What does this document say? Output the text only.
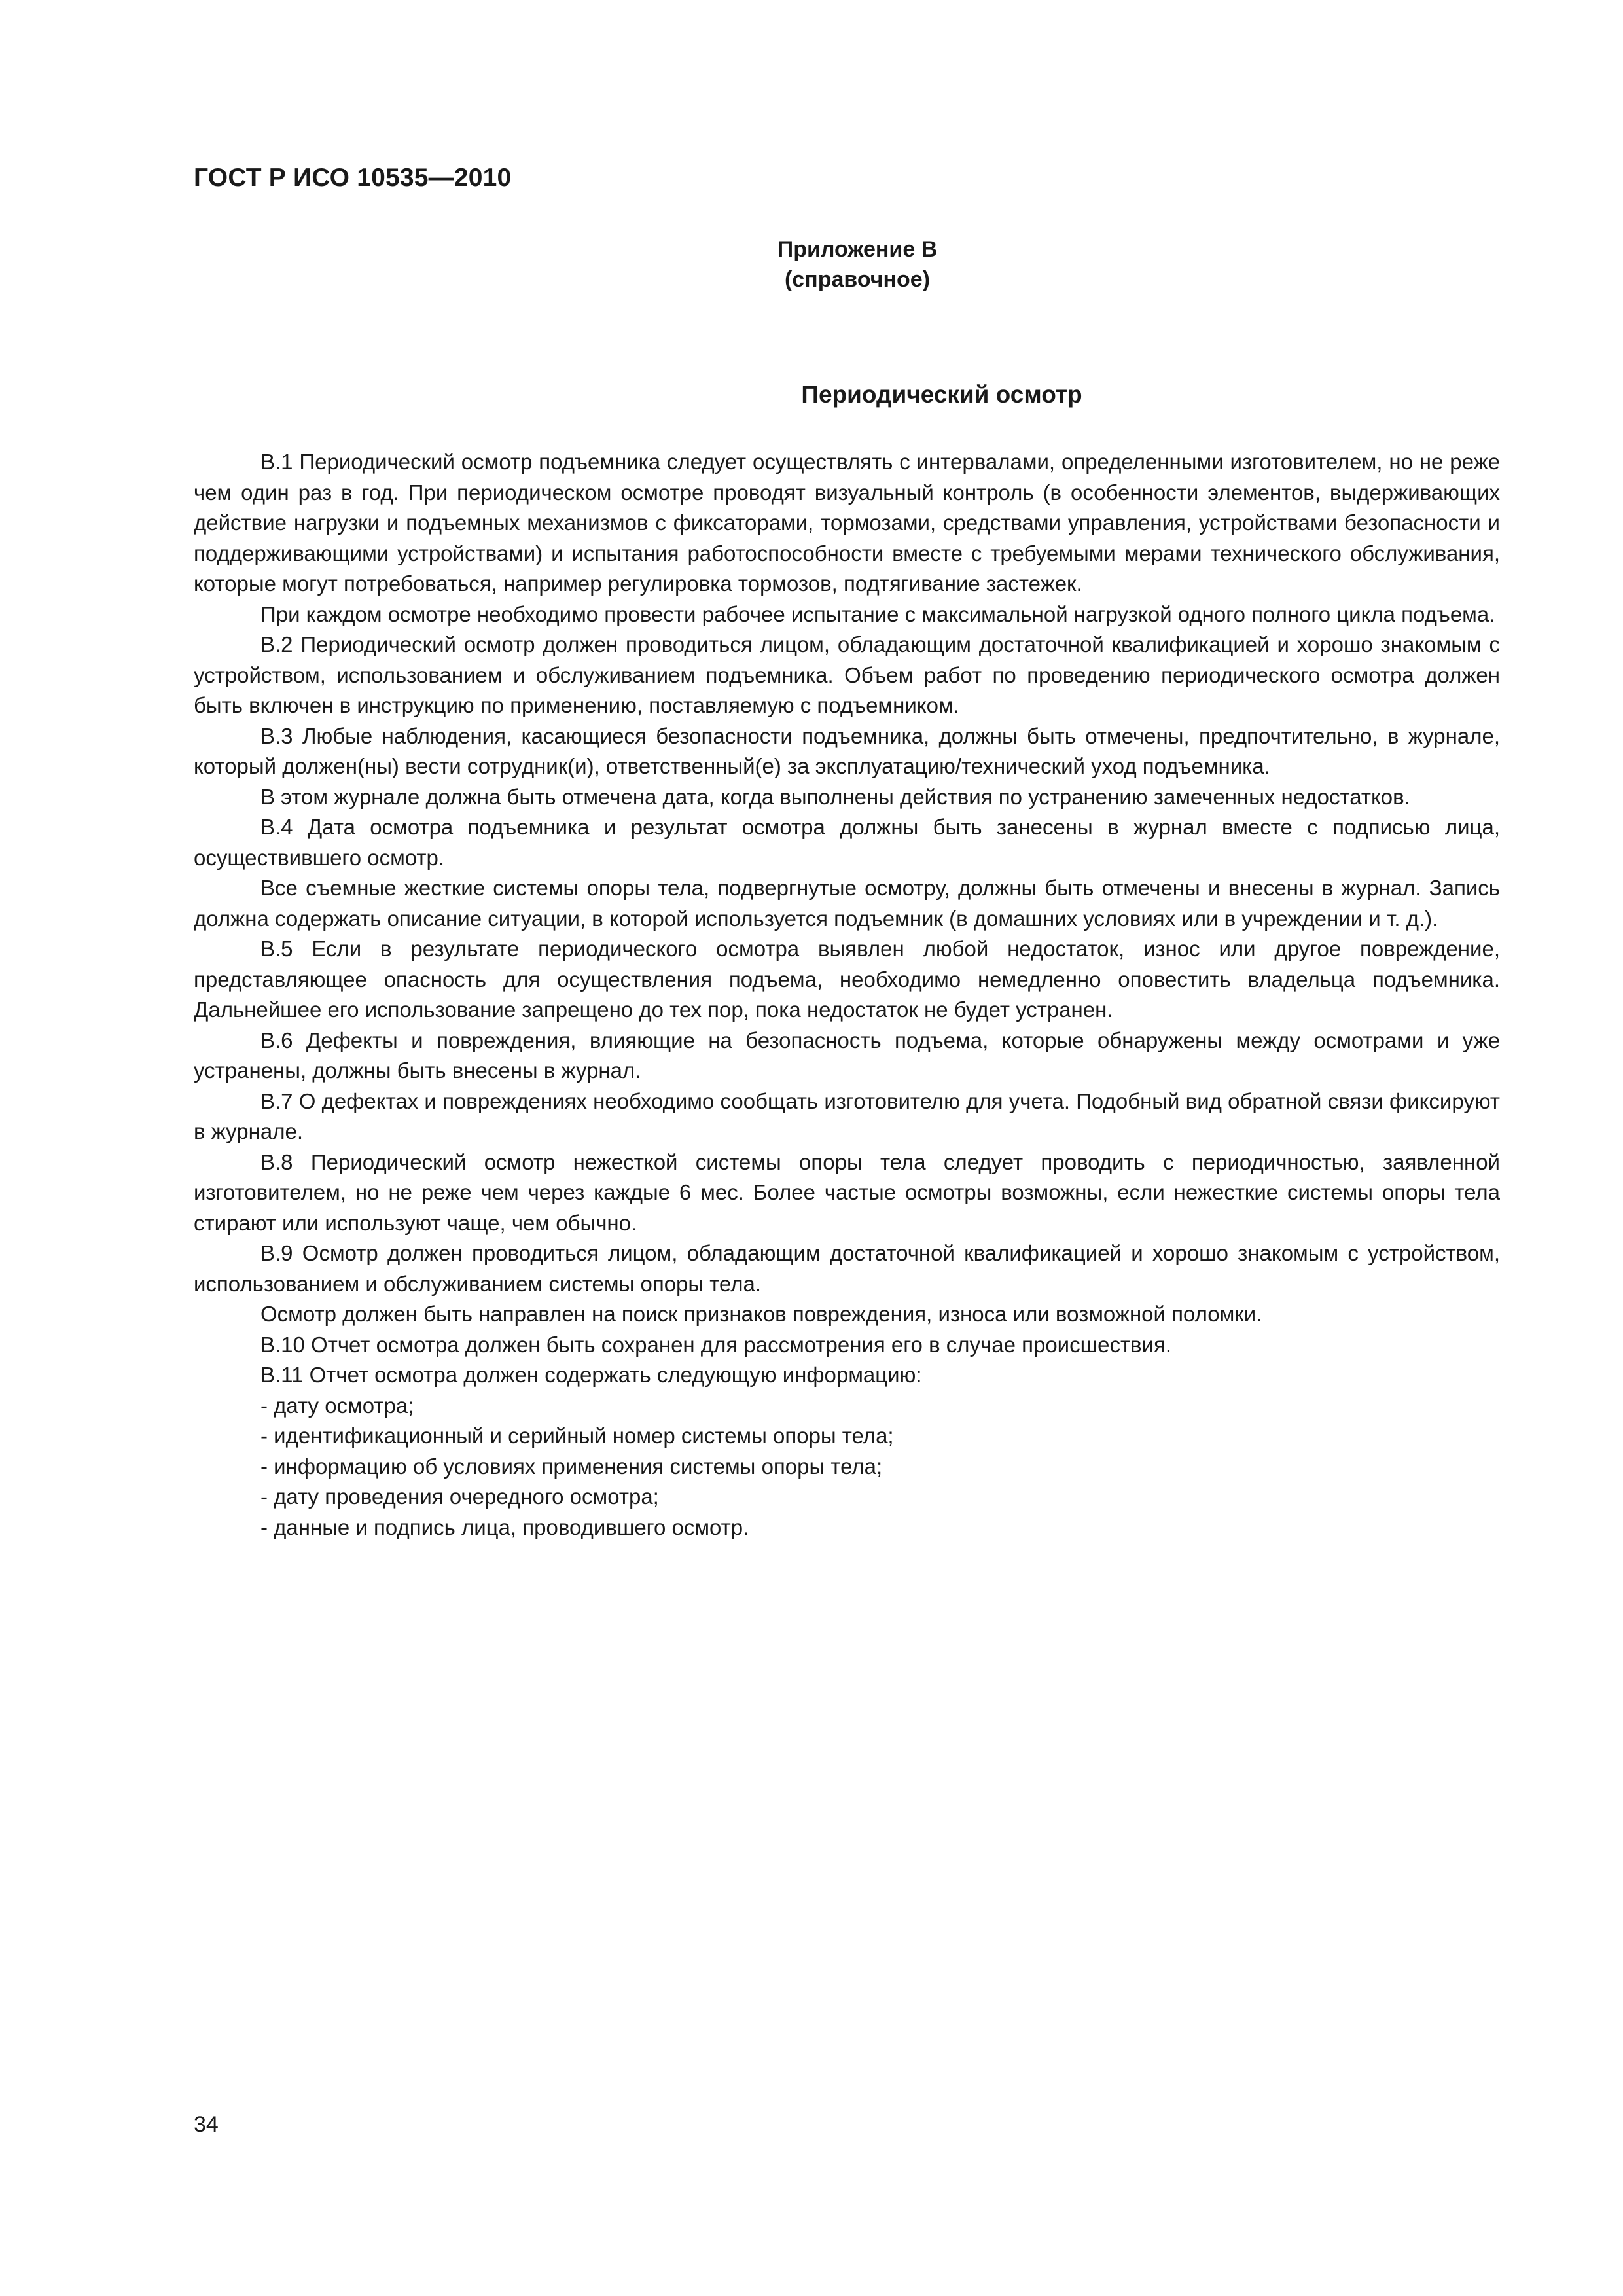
ГОСТ Р ИСО 10535—2010
Приложение В
(справочное)
Периодический осмотр

В.1 Периодический осмотр подъемника следует осуществлять с интервалами, определенными изготовителем, но не реже чем один раз в год. При периодическом осмотре проводят визуальный контроль (в особенности элементов, выдерживающих действие нагрузки и подъемных механизмов с фиксаторами, тормозами, средствами управления, устройствами безопасности и поддерживающими устройствами) и испытания работоспособности вместе с требуемыми мерами технического обслуживания, которые могут потребоваться, например регулировка тормозов, подтягивание застежек.

При каждом осмотре необходимо провести рабочее испытание с максимальной нагрузкой одного полного цикла подъема.

В.2 Периодический осмотр должен проводиться лицом, обладающим достаточной квалификацией и хорошо знакомым с устройством, использованием и обслуживанием подъемника. Объем работ по проведению периодического осмотра должен быть включен в инструкцию по применению, поставляемую с подъемником.

В.3 Любые наблюдения, касающиеся безопасности подъемника, должны быть отмечены, предпочтительно, в журнале, который должен(ны) вести сотрудник(и), ответственный(е) за эксплуатацию/технический уход подъемника.

В этом журнале должна быть отмечена дата, когда выполнены действия по устранению замеченных недостатков.

В.4 Дата осмотра подъемника и результат осмотра должны быть занесены в журнал вместе с подписью лица, осуществившего осмотр.

Все съемные жесткие системы опоры тела, подвергнутые осмотру, должны быть отмечены и внесены в журнал. Запись должна содержать описание ситуации, в которой используется подъемник (в домашних условиях или в учреждении и т. д.).

В.5 Если в результате периодического осмотра выявлен любой недостаток, износ или другое повреждение, представляющее опасность для осуществления подъема, необходимо немедленно оповестить владельца подъемника. Дальнейшее его использование запрещено до тех пор, пока недостаток не будет устранен.

В.6 Дефекты и повреждения, влияющие на безопасность подъема, которые обнаружены между осмотрами и уже устранены, должны быть внесены в журнал.

В.7 О дефектах и повреждениях необходимо сообщать изготовителю для учета. Подобный вид обратной связи фиксируют в журнале.

В.8 Периодический осмотр нежесткой системы опоры тела следует проводить с периодичностью, заявленной изготовителем, но не реже чем через каждые 6 мес. Более частые осмотры возможны, если нежесткие системы опоры тела стирают или используют чаще, чем обычно.

В.9 Осмотр должен проводиться лицом, обладающим достаточной квалификацией и хорошо знакомым с устройством, использованием и обслуживанием системы опоры тела.

Осмотр должен быть направлен на поиск признаков повреждения, износа или возможной поломки.

В.10 Отчет осмотра должен быть сохранен для рассмотрения его в случае происшествия.

В.11 Отчет осмотра должен содержать следующую информацию:

- дату осмотра;

- идентификационный и серийный номер системы опоры тела;

- информацию об условиях применения системы опоры тела;

- дату проведения очередного осмотра;

- данные и подпись лица, проводившего осмотр.

34
